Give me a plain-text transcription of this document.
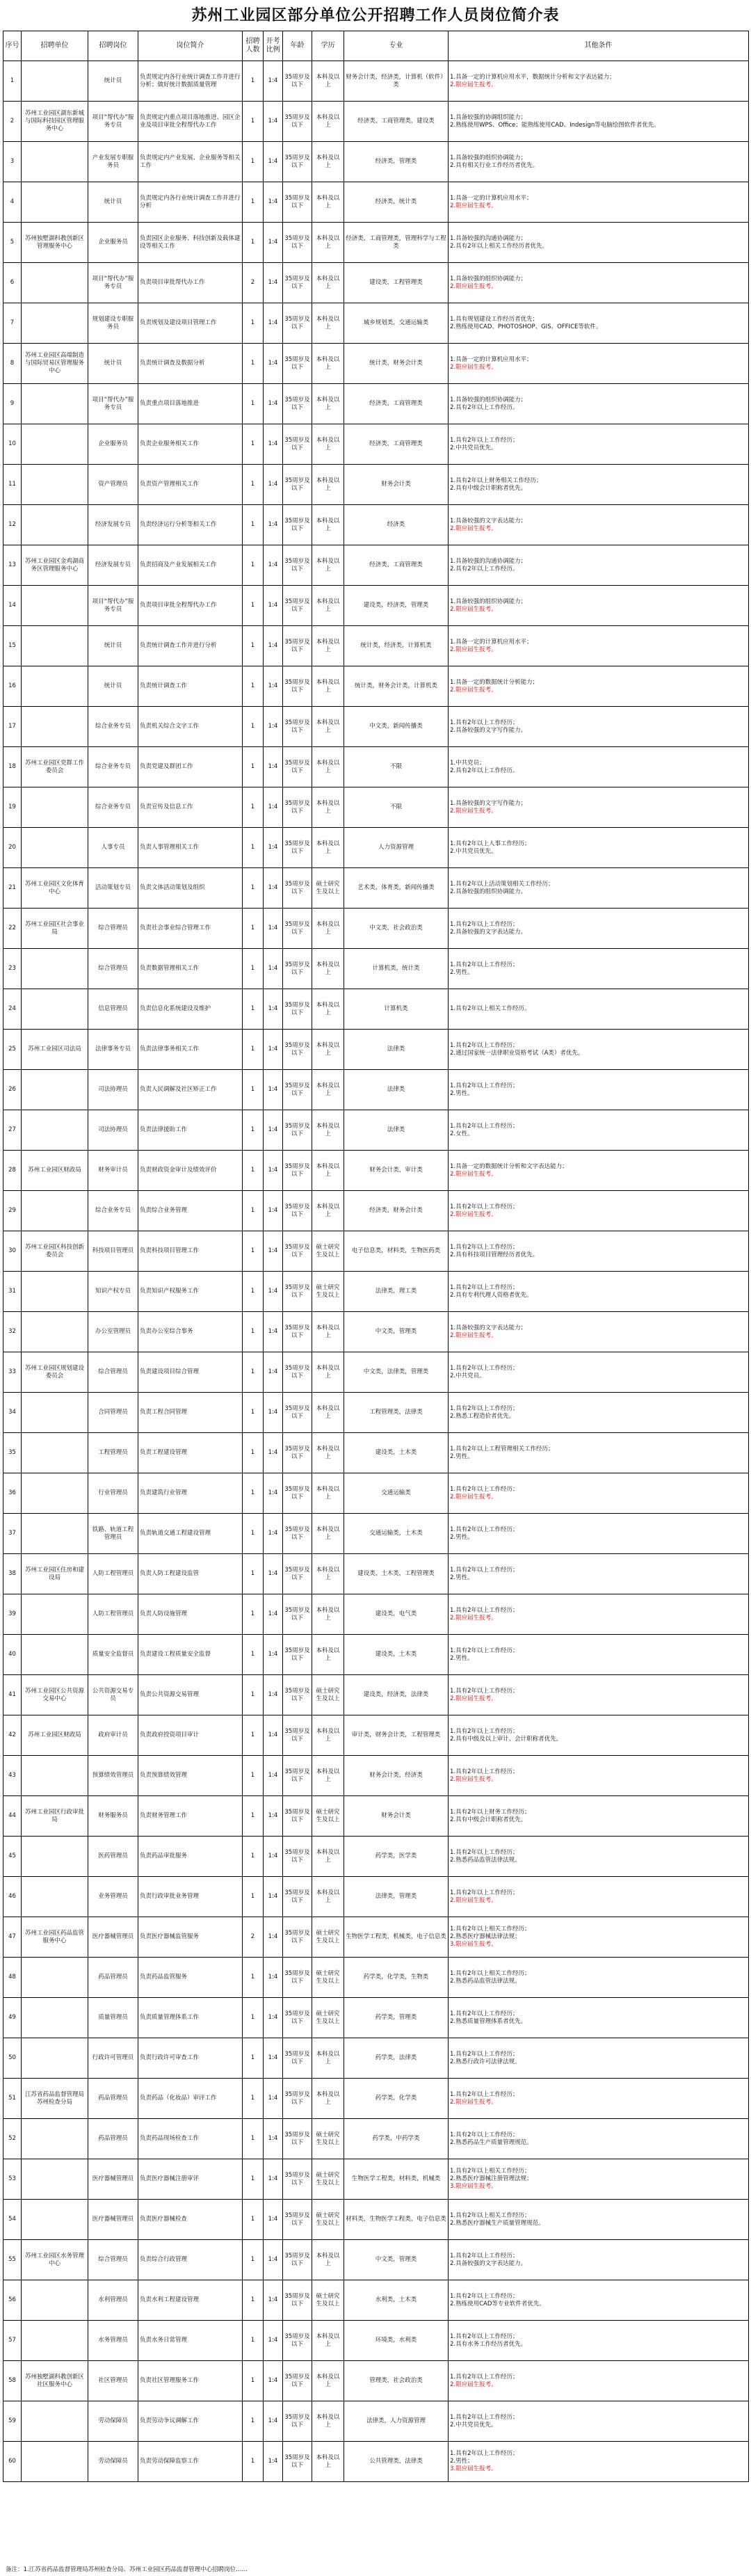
苏州工业园区部分单位公开招聘工作人员岗位简介表
序号	招聘单位	招聘岗位	岗位简介	招聘人数	开考比例	年龄	学历	专业	其他条件
1		统计员	负责规定内各行业统计调查工作并进行分析；做好统计数据质量管理	1	1:4	35周岁及以下	本科及以上	财务会计类，经济类，计算机（软件）类	1.具备一定的计算机应用水平，数据统计分析和文字表达能力；
2.限应届生报考。

2	苏州工业园区湖东新城与国际科技园区管理服务中心	项目“帮代办”服务专员	负责规定内重点项目落地推进、园区企业及项目审批全程帮代办工作	1	1:4	35周岁及以下	本科及以上	经济类，工商管理类，建设类	1.具备较强的协调组织能力；
2.熟练使用WPS、Office；能熟练使用CAD、Indesign等电脑绘图软件者优先。

3		产业发展专职服务员	负责规定内产业发展、企业服务等相关工作	1	1:4	35周岁及以下	本科及以上	经济类，管理类	1.具备较强的组织协调能力；
2.具有相关行业工作经历者优先。

4		统计员	负责规定内各行业统计调查工作并进行分析	1	1:4	35周岁及以下	本科及以上	经济类，统计类	1.具备一定的计算机应用水平；
2.限应届生报考。

5	苏州独墅湖科教创新区管理服务中心	企业服务员	负责园区企业服务、科技创新及载体建设等相关工作	1	1:4	35周岁及以下	本科及以上	经济类，工商管理类，管理科学与工程类	1.具备较强的沟通协调能力；
2.具有2年以上相关工作经历者优先。

6		项目“帮代办”服务专员	负责项目审批帮代办工作	2	1:4	35周岁及以下	本科及以上	建设类，工程管理类	1.具备较强的组织协调能力；
2.限应届生报考。

7		规划建设专职服务员	负责规划及建设项目管理工作	1	1:4	35周岁及以下	本科及以上	城乡规划类，交通运输类	1.具有规划建设工作经历者优先；
2.熟练使用CAD、PHOTOSHOP、GIS、OFFICE等软件。

8	苏州工业园区高端制造与国际贸易区管理服务中心	统计员	负责统计调查及数据分析	1	1:4	35周岁及以下	本科及以上	统计类，财务会计类	1.具备一定的计算机应用水平；
2.限应届生报考。

9		项目“帮代办”服务专员	负责重点项目落地推进	1	1:4	35周岁及以下	本科及以上	经济类，工商管理类	1.具备较强的组织协调能力；
2.具有2年以上工作经历。

10		企业服务员	负责企业服务相关工作	1	1:4	35周岁及以下	本科及以上	经济类，工商管理类	1.具有2年以上工作经历；
2.中共党员优先。

11		资产管理员	负责资产管理相关工作	1	1:4	35周岁及以下	本科及以上	财务会计类	1.具有2年以上财务相关工作经历；
2.具有中级会计职称者优先。

12		经济发展专员	负责经济运行分析等相关工作	1	1:4	35周岁及以下	本科及以上	经济类	1.具备较强的文字表达能力；
2.限应届生报考。

13	苏州工业园区金鸡湖商务区管理服务中心	经济发展专员	负责招商及产业发展相关工作	1	1:4	35周岁及以下	本科及以上	经济类，工商管理类	1.具备较强的沟通协调能力；
2.具有2年以上工作经历。

14		项目“帮代办”服务专员	负责项目审批全程帮代办工作	1	1:4	35周岁及以下	本科及以上	建设类，经济类，管理类	1.具备较强的组织协调能力；
2.限应届生报考。

15		统计员	负责统计调查工作并进行分析	1	1:4	35周岁及以下	本科及以上	统计类，经济类，计算机类	1.具备一定的计算机应用水平；
2.限应届生报考。

16		统计员	负责统计调查工作	1	1:4	35周岁及以下	本科及以上	统计类，财务会计类，计算机类	1.具备一定的数据统计分析能力；
2.限应届生报考。

17		综合业务专员	负责机关综合文字工作	1	1:4	35周岁及以下	本科及以上	中文类，新闻传播类	1.具有2年以上工作经历；
2.具备较强的文字写作能力。

18	苏州工业园区党群工作委员会	综合业务专员	负责党建及群团工作	1	1:4	35周岁及以下	本科及以上	不限	1.中共党员；
2.具有2年以上工作经历。

19		综合业务专员	负责宣传及信息工作	1	1:4	35周岁及以下	本科及以上	不限	1.具备较强的文字写作能力；
2.限应届生报考。

20		人事专员	负责人事管理相关工作	1	1:4	35周岁及以下	本科及以上	人力资源管理	1.具有2年以上人事工作经历；
2.中共党员优先。

21	苏州工业园区文化体育中心	活动策划专员	负责文体活动策划及组织	1	1:4	35周岁及以下	硕士研究生及以上	艺术类，体育类，新闻传播类	1.具有2年以上活动策划相关工作经历；
2.具备较强的组织协调能力。

22	苏州工业园区社会事业局	综合管理员	负责社会事业综合管理工作	1	1:4	35周岁及以下	本科及以上	中文类，社会政治类	1.具有2年以上工作经历；
2.具备较强的文字表达能力。

23		综合管理员	负责数据管理相关工作	1	1:4	35周岁及以下	本科及以上	计算机类，统计类	1.具有2年以上工作经历；
2.男性。

24		信息管理员	负责信息化系统建设及维护	1	1:4	35周岁及以下	本科及以上	计算机类	1.具有2年以上相关工作经历。

25	苏州工业园区司法局	法律事务专员	负责法律事务相关工作	1	1:4	35周岁及以下	本科及以上	法律类	1.具有2年以上工作经历；
2.通过国家统一法律职业资格考试（A类）者优先。

26		司法协理员	负责人民调解及社区矫正工作	1	1:4	35周岁及以下	本科及以上	法律类	1.具有2年以上工作经历；
2.男性。

27		司法协理员	负责法律援助工作	1	1:4	35周岁及以下	本科及以上	法律类	1.具有2年以上工作经历；
2.女性。

28	苏州工业园区财政局	财务审计员	负责财政资金审计及绩效评价	1	1:4	35周岁及以下	本科及以上	财务会计类，审计类	1.具备一定的数据统计分析和文字表达能力；
2.限应届生报考。

29		综合业务专员	负责综合业务管理	1	1:4	35周岁及以下	本科及以上	经济类，财务会计类	1.具有2年以上工作经历；
2.限应届生报考。

30	苏州工业园区科技创新委员会	科技项目管理员	负责科技项目管理工作	1	1:4	35周岁及以下	硕士研究生及以上	电子信息类，材料类，生物医药类	1.具有2年以上工作经历；
2.具有科技项目管理经历者优先。

31		知识产权专员	负责知识产权服务工作	1	1:4	35周岁及以下	硕士研究生及以上	法律类，理工类	1.具有2年以上工作经历；
2.具有专利代理人资格者优先。

32		办公室管理员	负责办公室综合事务	1	1:4	35周岁及以下	本科及以上	中文类，管理类	1.具备较强的文字表达能力；
2.限应届生报考。

33	苏州工业园区规划建设委员会	综合管理员	负责建设项目综合管理	1	1:4	35周岁及以下	本科及以上	中文类，法律类，管理类	1.具有2年以上工作经历；
2.中共党员。

34		合同管理员	负责工程合同管理	1	1:4	35周岁及以下	本科及以上	工程管理类，法律类	1.具有2年以上工作经历；
2.熟悉工程造价者优先。

35		工程管理员	负责工程建设管理	1	1:4	35周岁及以下	本科及以上	建设类，土木类	1.具有2年以上工程管理相关工作经历；
2.男性。

36		行业管理员	负责建筑行业管理	1	1:4	35周岁及以下	本科及以上	交通运输类	1.具有2年以上工作经历；
2.限应届生报考。

37		铁路、轨道工程管理员	负责轨道交通工程建设管理	1	1:4	35周岁及以下	本科及以上	交通运输类，土木类	1.具有2年以上工作经历；
2.男性。

38	苏州工业园区住房和建设局	人防工程管理员	负责人防工程建设监管	1	1:4	35周岁及以下	本科及以上	建设类，土木类，工程管理类	1.具有2年以上工作经历；
2.男性。

39		人防工程管理员	负责人防设施管理	1	1:4	35周岁及以下	本科及以上	建设类，电气类	1.具有2年以上工作经历；
2.限应届生报考。

40		质量安全监督员	负责建设工程质量安全监督	1	1:4	35周岁及以下	本科及以上	建设类，土木类	1.具有2年以上工作经历；
2.男性。

41	苏州工业园区公共资源交易中心	公共资源交易专员	负责公共资源交易管理	1	1:4	35周岁及以下	硕士研究生及以上	建设类，经济类，法律类	1.具有2年以上工作经历；
2.限应届生报考。

42	苏州工业园区财政局	政府审计员	负责政府投资项目审计	1	1:4	35周岁及以下	本科及以上	审计类，财务会计类，工程管理类	1.具有2年以上工作经历；
2.具有中级及以上审计、会计职称者优先。

43		预算绩效管理员	负责预算绩效管理	1	1:4	35周岁及以下	本科及以上	财务会计类，经济类	1.具有2年以上工作经历；
2.限应届生报考。

44	苏州工业园区行政审批局	财务服务员	负责财务管理工作	1	1:4	35周岁及以下	硕士研究生及以上	财务会计类	1.具有2年以上财务工作经历；
2.具有中级会计职称者优先。

45		医药管理员	负责药品审批服务	1	1:4	35周岁及以下	本科及以上	药学类，医学类	1.具有2年以上工作经历；
2.熟悉药品监管法律法规。

46		业务管理员	负责行政审批业务管理	1	1:4	35周岁及以下	本科及以上	法律类，管理类	1.具有2年以上工作经历；
2.限应届生报考。

47	苏州工业园区药品监管服务中心	医疗器械管理员	负责医疗器械监管服务	2	1:4	35周岁及以下	硕士研究生及以上	生物医学工程类，机械类，电子信息类	1.具有2年以上相关工作经历；
2.熟悉医疗器械法律法规；
3.限应届生报考。

48		药品管理员	负责药品监管服务	1	1:4	35周岁及以下	硕士研究生及以上	药学类，化学类，生物类	1.具有2年以上相关工作经历；
2.熟悉药品监管法律法规。

49		质量管理员	负责质量管理体系工作	1	1:4	35周岁及以下	硕士研究生及以上	药学类，管理类	1.具有2年以上工作经历；
2.熟悉质量管理体系者优先。

50		行政许可管理员	负责行政许可审查工作	1	1:4	35周岁及以下	本科及以上	药学类，法律类	1.具有2年以上工作经历；
2.熟悉行政许可法律法规。

51	江苏省药品监督管理局苏州检查分局	药品管理员	负责药品（化妆品）审评工作	1	1:4	35周岁及以下	本科及以上	药学类，化学类	1.具有2年以上工作经历；
2.限应届生报考。

52		药品管理员	负责药品现场检查工作	1	1:4	35周岁及以下	硕士研究生及以上	药学类，中药学类	1.具有2年以上工作经历；
2.熟悉药品生产质量管理规范。

53		医疗器械管理员	负责医疗器械注册审评	1	1:4	35周岁及以下	硕士研究生及以上	生物医学工程类，材料类，机械类	1.具有2年以上相关工作经历；
2.熟悉医疗器械注册管理法规；
3.限应届生报考。

54		医疗器械管理员	负责医疗器械检查	1	1:4	35周岁及以下	硕士研究生及以上	材料类，生物医学工程类，电子信息类	1.具有2年以上相关工作经历；
2.熟悉医疗器械生产质量管理规范。

55	苏州工业园区水务管理中心	综合管理员	负责综合行政管理	1	1:4	35周岁及以下	本科及以上	中文类，管理类	1.具有2年以上工作经历；
2.具备较强的文字表达能力。

56		水利管理员	负责水利工程建设管理	1	1:4	35周岁及以下	硕士研究生及以上	水利类，土木类	1.具有2年以上工作经历；
2.熟练使用CAD等专业软件者优先。

57		水务管理员	负责水务日常管理	1	1:4	35周岁及以下	本科及以上	环境类，水利类	1.具有2年以上工作经历；
2.具有水务工作经历者优先。

58	苏州独墅湖科教创新区社区服务中心	社区管理员	负责社区管理服务工作	1	1:4	35周岁及以下	本科及以上	管理类，社会政治类	1.具有2年以上工作经历；
2.限应届生报考。

59		劳动保障员	负责劳动争议调解工作	1	1:4	35周岁及以下	本科及以上	法律类，人力资源管理	1.具有2年以上工作经历；
2.中共党员优先。

60		劳动保障员	负责劳动保障监察工作	1	1:4	35周岁及以下	本科及以上	公共管理类，法律类	1.具有2年以上工作经历；
2.男性；
3.限应届生报考。
备注：1.江苏省药品监督管理局苏州检查分局、苏州工业园区药品监督管理中心招聘岗位……
